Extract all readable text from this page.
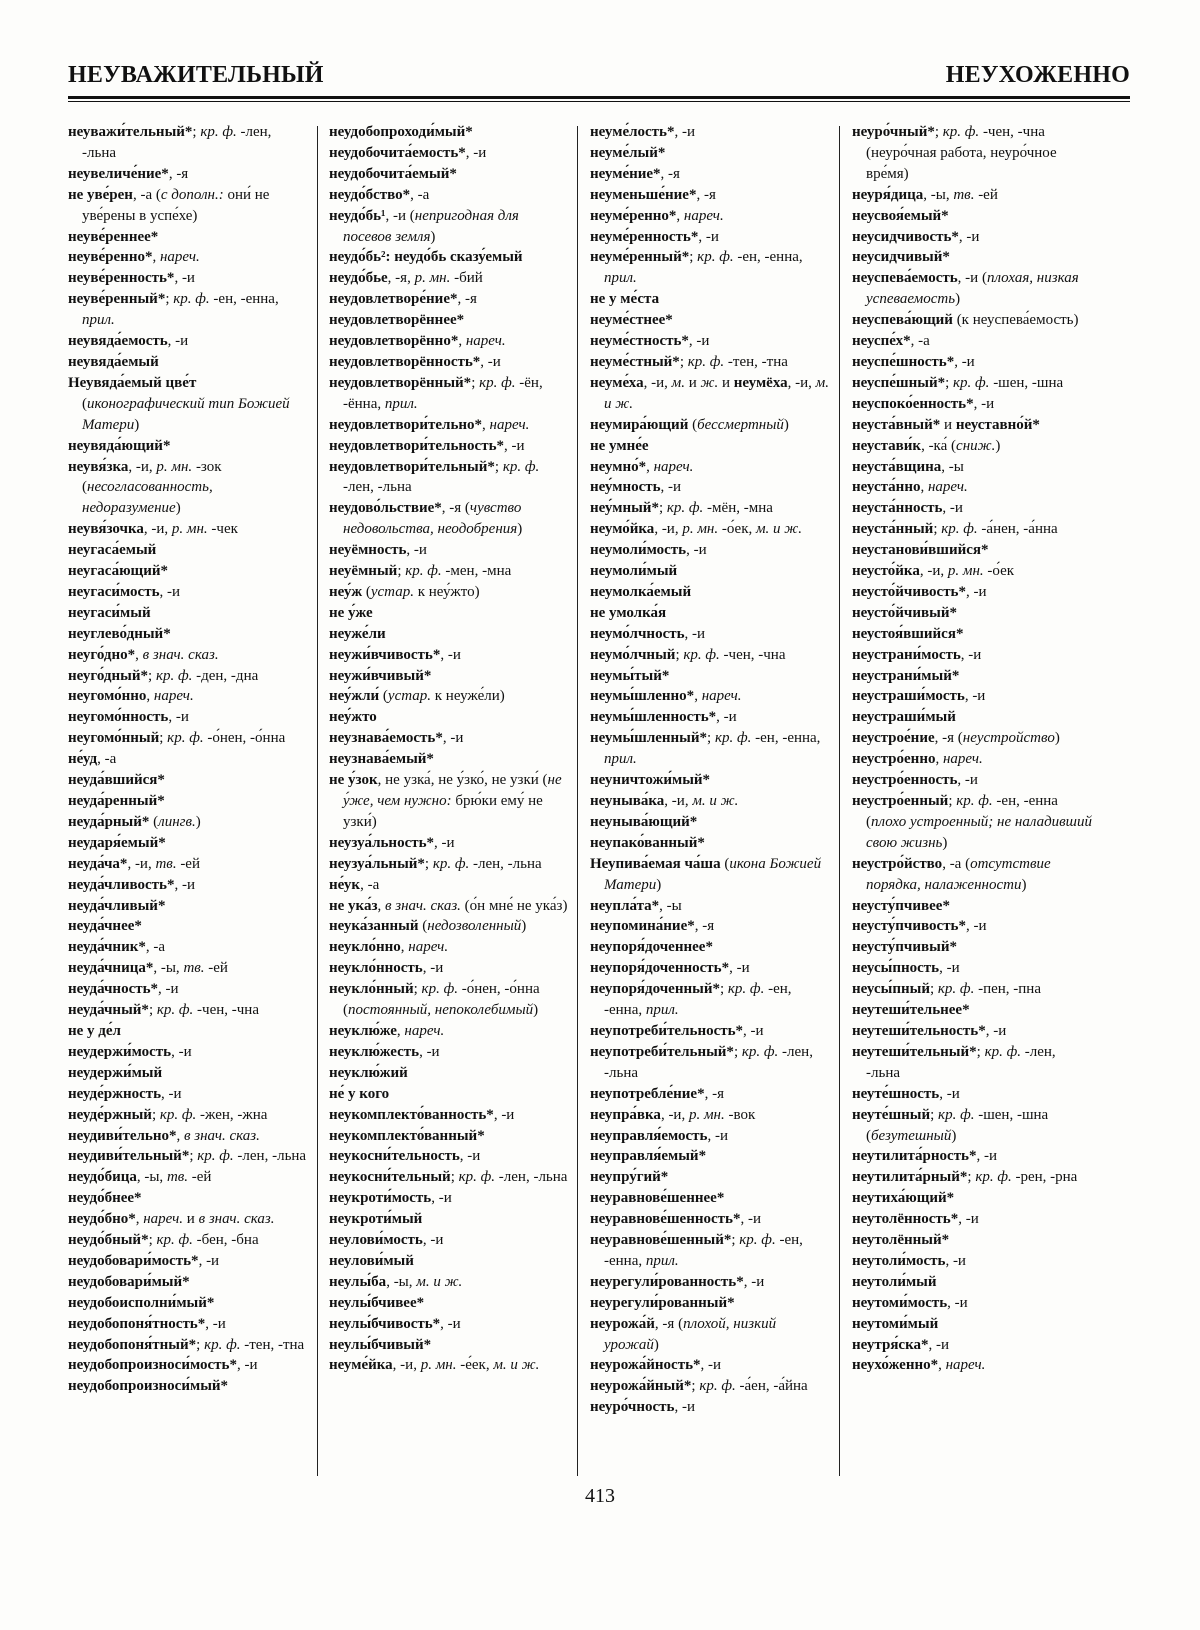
НЕУВАЖИТЕЛЬНЫЙ	НЕУХОЖЕННО

неуважи́тельный*; кр. ф. -лен, -льна

неувеличе́ние*, -я

не уве́рен, -а (с дополн.: они́ не уве́рены в успе́хе)

неуве́реннее*

неуве́ренно*, нареч.

неуве́ренность*, -и

неуве́ренный*; кр. ф. -ен, -енна, прил.

неувяда́емость, -и

неувяда́емый

Неувяда́емый цве́т (иконографический тип Божией Матери)

неувяда́ющий*

неувя́зка, -и, р. мн. -зок (несогласованность, недоразумение)

неувя́зочка, -и, р. мн. -чек

неугаса́емый

неугаса́ющий*

неугаси́мость, -и

неугаси́мый

неуглево́дный*

неуго́дно*, в знач. сказ.

неуго́дный*; кр. ф. -ден, -дна

неугомо́нно, нареч.

неугомо́нность, -и

неугомо́нный; кр. ф. -о́нен, -о́нна

не́уд, -а

неуда́вшийся*

неуда́ренный*

неуда́рный* (лингв.)

неударя́емый*

неуда́ча*, -и, тв. -ей

неуда́чливость*, -и

неуда́чливый*

неуда́чнее*

неуда́чник*, -а

неуда́чница*, -ы, тв. -ей

неуда́чность*, -и

неуда́чный*; кр. ф. -чен, -чна

не у де́л

неудержи́мость, -и

неудержи́мый

неуде́ржность, -и

неуде́ржный; кр. ф. -жен, -жна

неудиви́тельно*, в знач. сказ.

неудиви́тельный*; кр. ф. -лен, -льна

неудо́бица, -ы, тв. -ей

неудо́бнее*

неудо́бно*, нареч. и в знач. сказ.

неудо́бный*; кр. ф. -бен, -бна

неудобовари́мость*, -и

неудобовари́мый*

неудобоисполни́мый*

неудобопоня́тность*, -и

неудобопоня́тный*; кр. ф. -тен, -тна

неудобопроизноси́мость*, -и

неудобопроизноси́мый*

неудобопроходи́мый*

неудобочита́емость*, -и

неудобочита́емый*

неудо́бство*, -а

неудо́бь¹, -и (непригодная для посевов земля)

неудо́бь²: неудо́бь сказу́емый

неудо́бье, -я, р. мн. -бий

неудовлетворе́ние*, -я

неудовлетворённее*

неудовлетворённо*, нареч.

неудовлетворённость*, -и

неудовлетворённый*; кр. ф. -ён, -ённа, прил.

неудовлетвори́тельно*, нареч.

неудовлетвори́тельность*, -и

неудовлетвори́тельный*; кр. ф. -лен, -льна

неудово́льствие*, -я (чувство недовольства, неодобрения)

неуёмность, -и

неуёмный; кр. ф. -мен, -мна

неу́ж (устар. к неу́жто)

не у́же

неуже́ли

неужи́вчивость*, -и

неужи́вчивый*

неу́жли́ (устар. к неуже́ли)

неу́жто

неузнава́емость*, -и

неузнава́емый*

не у́зок, не узка́, не у́зко́, не узки́ (не у́же, чем нужно: брю́ки ему́ не узки́)

неузуа́льность*, -и

неузуа́льный*; кр. ф. -лен, -льна

не́ук, -а

не ука́з, в знач. сказ. (о́н мне́ не ука́з)

неука́занный (недозволенный)

неукло́нно, нареч.

неукло́нность, -и

неукло́нный; кр. ф. -о́нен, -о́нна (постоянный, непоколебимый)

неуклю́же, нареч.

неуклю́жесть, -и

неуклю́жий

не́ у кого

неукомплекто́ванность*, -и

неукомплекто́ванный*

неукосни́тельность, -и

неукосни́тельный; кр. ф. -лен, -льна

неукроти́мость, -и

неукроти́мый

неулови́мость, -и

неулови́мый

неулы́ба, -ы, м. и ж.

неулы́бчивее*

неулы́бчивость*, -и

неулы́бчивый*

неуме́йка, -и, р. мн. -е́ек, м. и ж.

неуме́лость*, -и

неуме́лый*

неуме́ние*, -я

неуменьше́ние*, -я

неуме́ренно*, нареч.

неуме́ренность*, -и

неуме́ренный*; кр. ф. -ен, -енна, прил.

не у ме́ста

неуме́стнее*

неуме́стность*, -и

неуме́стный*; кр. ф. -тен, -тна

неуме́ха, -и, м. и ж. и неумёха, -и, м. и ж.

неумира́ющий (бессмертный)

не умне́е

неумно́*, нареч.

неу́мность, -и

неу́мный*; кр. ф. -мён, -мна

неумо́йка, -и, р. мн. -о́ек, м. и ж.

неумоли́мость, -и

неумоли́мый

неумолка́емый

не умолка́я

неумо́лчность, -и

неумо́лчный; кр. ф. -чен, -чна

неумы́тый*

неумы́шленно*, нареч.

неумы́шленность*, -и

неумы́шленный*; кр. ф. -ен, -енна, прил.

неуничтожи́мый*

неуныва́ка, -и, м. и ж.

неуныва́ющий*

неупако́ванный*

Неупива́емая ча́ша (икона Божией Матери)

неупла́та*, -ы

неупомина́ние*, -я

неупоря́доченнее*

неупоря́доченность*, -и

неупоря́доченный*; кр. ф. -ен, -енна, прил.

неупотреби́тельность*, -и

неупотреби́тельный*; кр. ф. -лен, -льна

неупотребле́ние*, -я

неупра́вка, -и, р. мн. -вок

неуправля́емость, -и

неуправля́емый*

неупру́гий*

неуравнове́шеннее*

неуравнове́шенность*, -и

неуравнове́шенный*; кр. ф. -ен, -енна, прил.

неурегули́рованность*, -и

неурегули́рованный*

неурожа́й, -я (плохой, низкий урожай)

неурожа́йность*, -и

неурожа́йный*; кр. ф. -а́ен, -а́йна

неуро́чность, -и

неуро́чный*; кр. ф. -чен, -чна (неуро́чная работа, неуро́чное вре́мя)

неуря́дица, -ы, тв. -ей

неусвоя́емый*

неусидчивость*, -и

неусидчивый*

неуспева́емость, -и (плохая, низкая успеваемость)

неуспева́ющий (к неуспева́емость)

неуспе́х*, -а

неуспе́шность*, -и

неуспе́шный*; кр. ф. -шен, -шна

неуспоко́енность*, -и

неуста́вный* и неуставно́й*

неустави́к, -ка́ (сниж.)

неуста́вщина, -ы

неуста́нно, нареч.

неуста́нность, -и

неуста́нный; кр. ф. -а́нен, -а́нна

неустанови́вшийся*

неусто́йка, -и, р. мн. -о́ек

неусто́йчивость*, -и

неусто́йчивый*

неустоя́вшийся*

неустрани́мость, -и

неустрани́мый*

неустраши́мость, -и

неустраши́мый

неустрое́ние, -я (неустройство)

неустро́енно, нареч.

неустро́енность, -и

неустро́енный; кр. ф. -ен, -енна (плохо устроенный; не наладивший свою жизнь)

неустро́йство, -а (отсутствие порядка, налаженности)

неусту́пчивее*

неусту́пчивость*, -и

неусту́пчивый*

неусы́пность, -и

неусы́пный; кр. ф. -пен, -пна

неутеши́тельнее*

неутеши́тельность*, -и

неутеши́тельный*; кр. ф. -лен, -льна

неуте́шность, -и

неуте́шный; кр. ф. -шен, -шна (безутешный)

неутилита́рность*, -и

неутилита́рный*; кр. ф. -рен, -рна

неутиха́ющий*

неутолённость*, -и

неутолённый*

неутоли́мость, -и

неутоли́мый

неутоми́мость, -и

неутоми́мый

неутря́ска*, -и

неухо́женно*, нареч.

413
